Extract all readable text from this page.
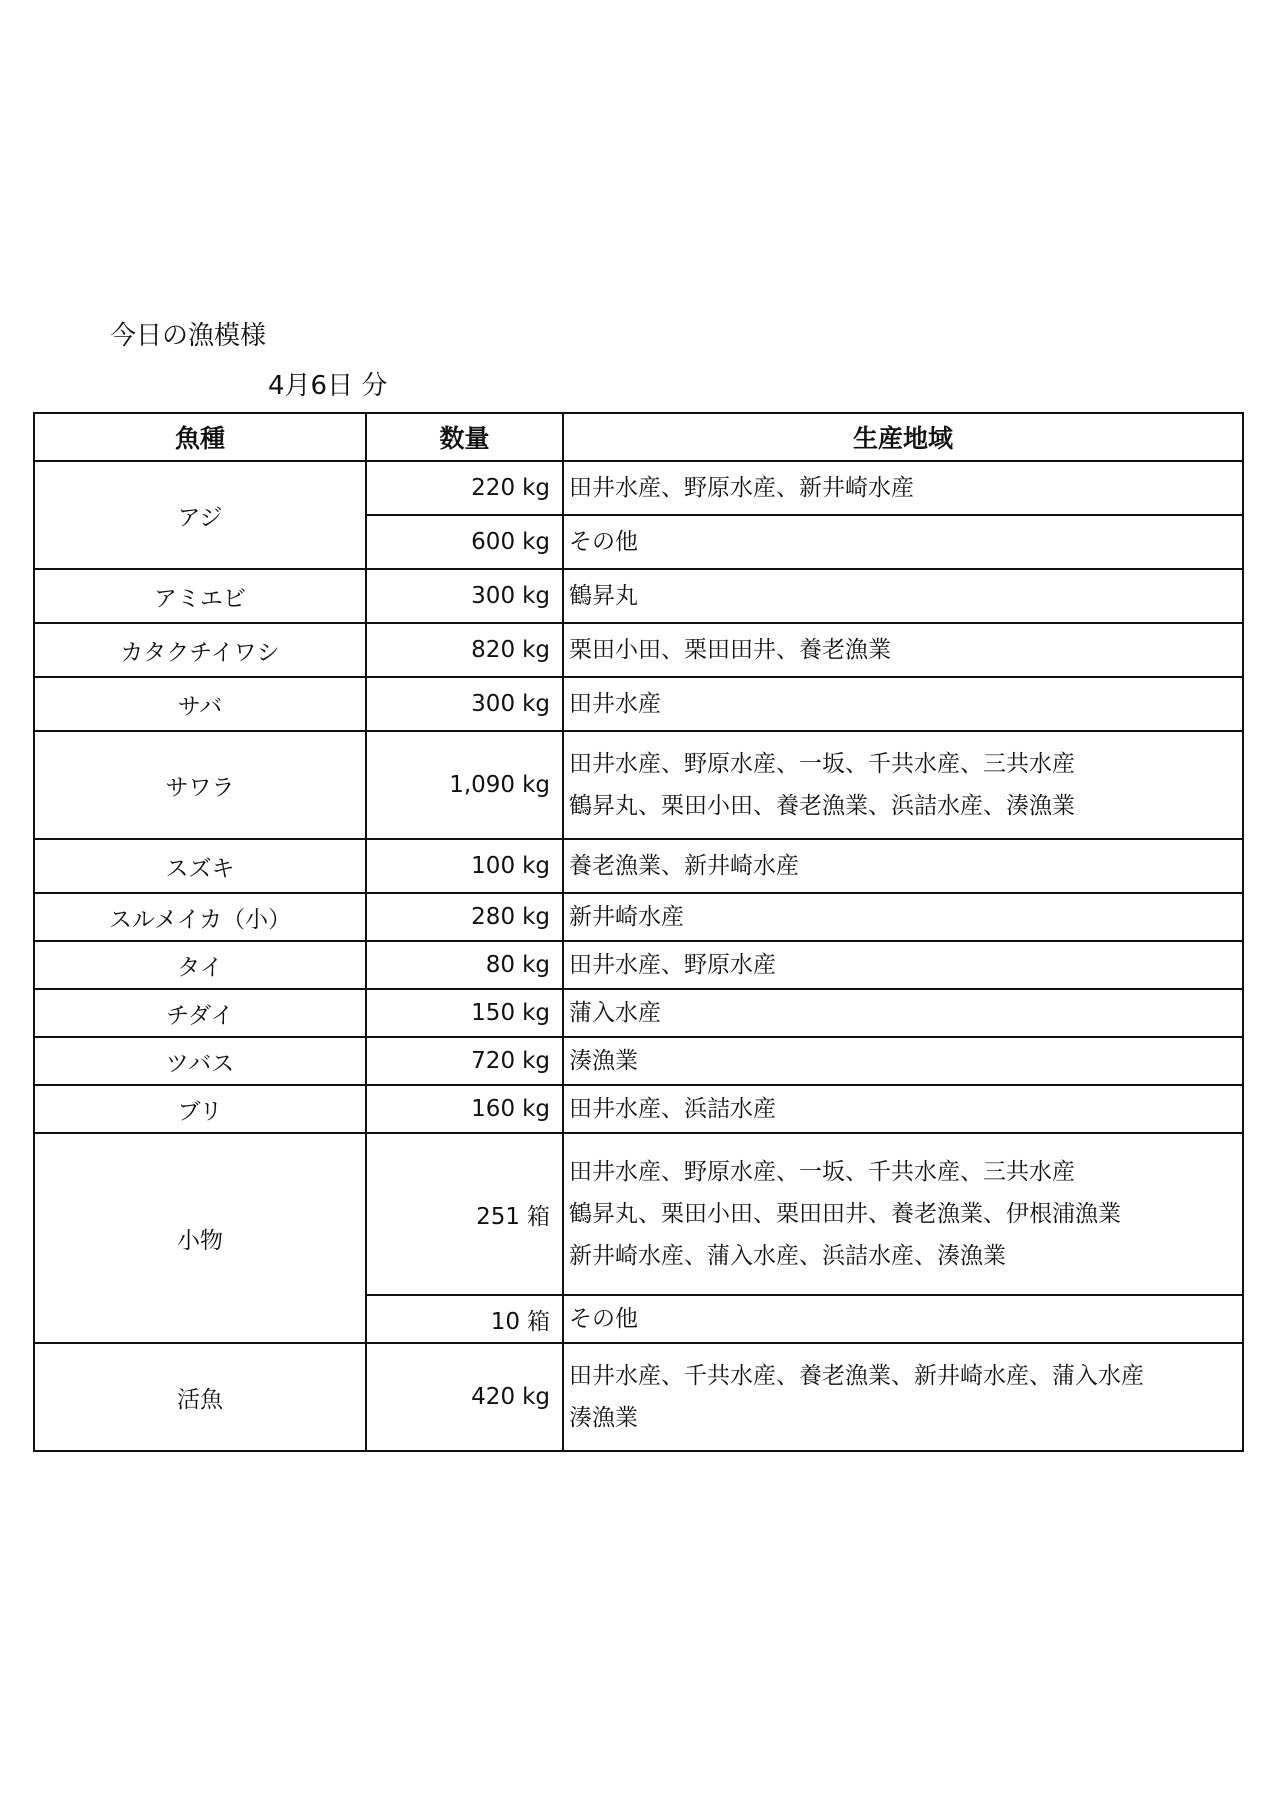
今日の漁模様
4月6日 分
魚種	数量	生産地域
アジ	220 kg	田井水産、野原水産、新井崎水産

	600 kg	その他

アミエビ	300 kg	鶴昇丸

カタクチイワシ	820 kg	栗田小田、栗田田井、養老漁業

サバ	300 kg	田井水産

サワラ	1,090 kg	田井水産、野原水産、一坂、千共水産、三共水産
鶴昇丸、栗田小田、養老漁業、浜詰水産、湊漁業

スズキ	100 kg	養老漁業、新井崎水産

スルメイカ（小）	280 kg	新井崎水産

タイ	80 kg	田井水産、野原水産

チダイ	150 kg	蒲入水産

ツバス	720 kg	湊漁業

ブリ	160 kg	田井水産、浜詰水産

小物	251 箱	田井水産、野原水産、一坂、千共水産、三共水産
鶴昇丸、栗田小田、栗田田井、養老漁業、伊根浦漁業
新井崎水産、蒲入水産、浜詰水産、湊漁業

	10 箱	その他

活魚	420 kg	田井水産、千共水産、養老漁業、新井崎水産、蒲入水産
湊漁業
